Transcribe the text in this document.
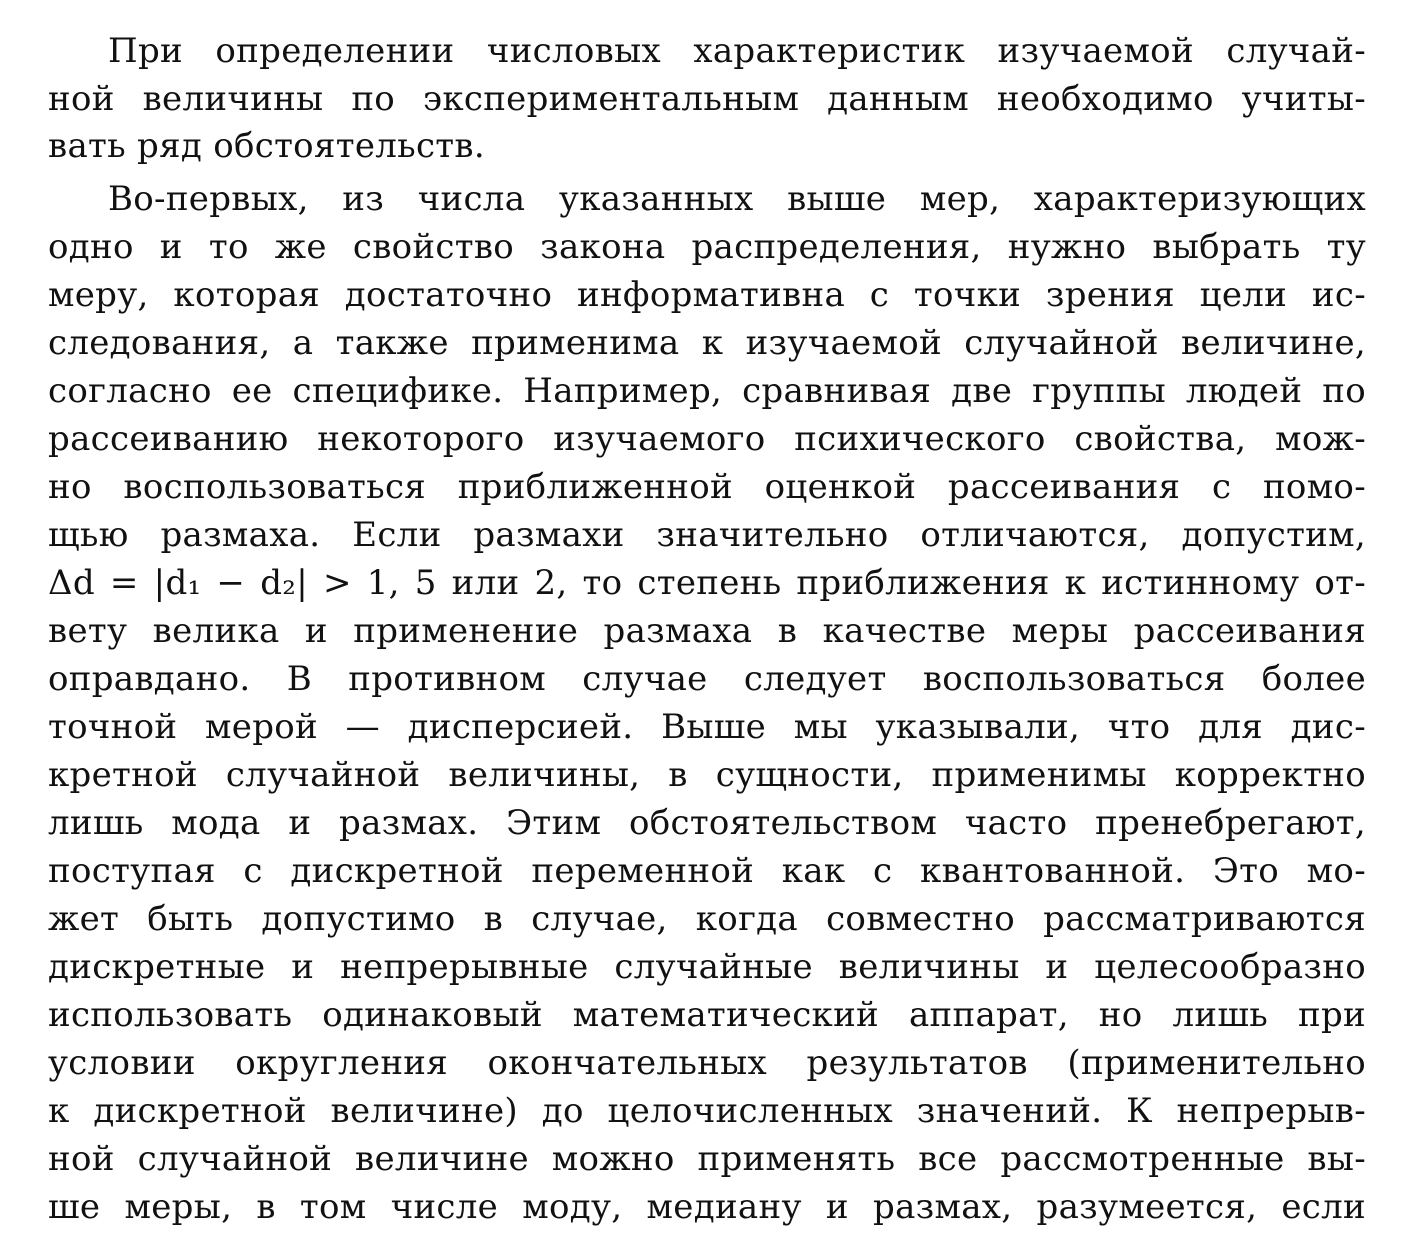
При определении числовых характеристик изучаемой случай-
ной величины по экспериментальным данным необходимо учиты-
вать ряд обстоятельств.
Во-первых, из числа указанных выше мер, характеризующих
одно и то же свойство закона распределения, нужно выбрать ту
меру, которая достаточно информативна с точки зрения цели ис-
следования, а также применима к изучаемой случайной величине,
согласно ее специфике. Например, сравнивая две группы людей по
рассеиванию некоторого изучаемого психического свойства, мож-
но воспользоваться приближенной оценкой рассеивания с помо-
щью размаха. Если размахи значительно отличаются, допустим,
Δd = |d₁ − d₂| > 1, 5 или 2, то степень приближения к истинному от-
вету велика и применение размаха в качестве меры рассеивания
оправдано. В противном случае следует воспользоваться более
точной мерой — дисперсией. Выше мы указывали, что для дис-
кретной случайной величины, в сущности, применимы корректно
лишь мода и размах. Этим обстоятельством часто пренебрегают,
поступая с дискретной переменной как с квантованной. Это мо-
жет быть допустимо в случае, когда совместно рассматриваются
дискретные и непрерывные случайные величины и целесообразно
использовать одинаковый математический аппарат, но лишь при
условии округления окончательных результатов (применительно
к дискретной величине) до целочисленных значений. К непрерыв-
ной случайной величине можно применять все рассмотренные вы-
ше меры, в том числе моду, медиану и размах, разумеется, если
